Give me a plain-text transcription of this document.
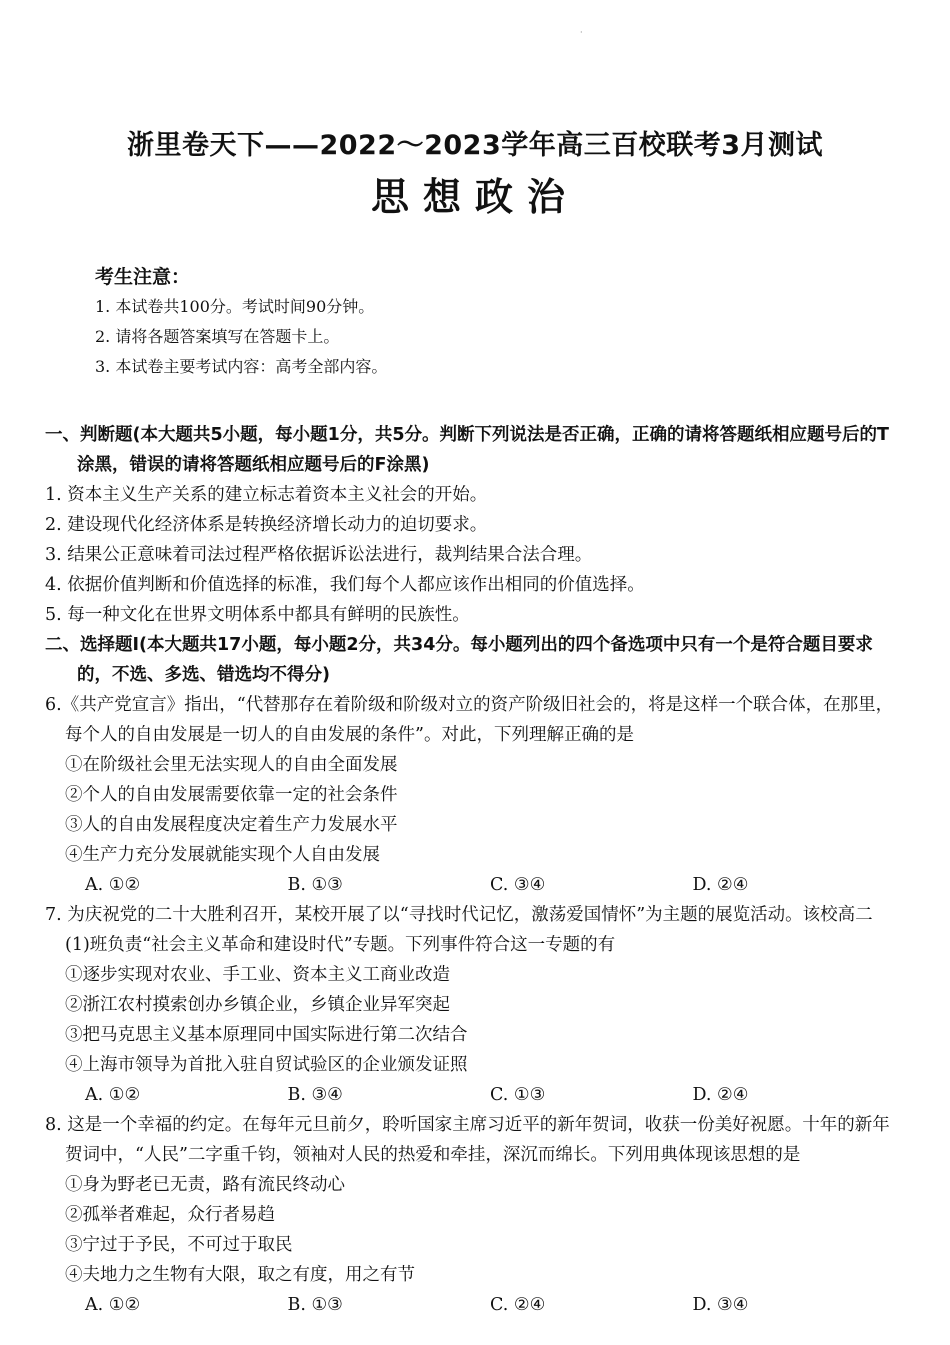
·
浙里卷天下——2022～2023学年高三百校联考3月测试
思想政治
考生注意：
1. 本试卷共100分。考试时间90分钟。
2. 请将各题答案填写在答题卡上。
3. 本试卷主要考试内容：高考全部内容。
一、判断题(本大题共5小题，每小题1分，共5分。判断下列说法是否正确，正确的请将答题纸相应题号后的T涂黑，错误的请将答题纸相应题号后的F涂黑)
1. 资本主义生产关系的建立标志着资本主义社会的开始。
2. 建设现代化经济体系是转换经济增长动力的迫切要求。
3. 结果公正意味着司法过程严格依据诉讼法进行，裁判结果合法合理。
4. 依据价值判断和价值选择的标准，我们每个人都应该作出相同的价值选择。
5. 每一种文化在世界文明体系中都具有鲜明的民族性。
二、选择题Ⅰ(本大题共17小题，每小题2分，共34分。每小题列出的四个备选项中只有一个是符合题目要求的，不选、多选、错选均不得分)
6.《共产党宣言》指出，“代替那存在着阶级和阶级对立的资产阶级旧社会的，将是这样一个联合体，在那里，每个人的自由发展是一切人的自由发展的条件”。对此，下列理解正确的是
①在阶级社会里无法实现人的自由全面发展
②个人的自由发展需要依靠一定的社会条件
③人的自由发展程度决定着生产力发展水平
④生产力充分发展就能实现个人自由发展
A. ①②	B. ①③	C. ③④	D. ②④
7. 为庆祝党的二十大胜利召开，某校开展了以“寻找时代记忆，激荡爱国情怀”为主题的展览活动。该校高二(1)班负责“社会主义革命和建设时代”专题。下列事件符合这一专题的有
①逐步实现对农业、手工业、资本主义工商业改造
②浙江农村摸索创办乡镇企业，乡镇企业异军突起
③把马克思主义基本原理同中国实际进行第二次结合
④上海市领导为首批入驻自贸试验区的企业颁发证照
A. ①②	B. ③④	C. ①③	D. ②④
8. 这是一个幸福的约定。在每年元旦前夕，聆听国家主席习近平的新年贺词，收获一份美好祝愿。十年的新年贺词中，“人民”二字重千钧，领袖对人民的热爱和牵挂，深沉而绵长。下列用典体现该思想的是
①身为野老已无责，路有流民终动心
②孤举者难起，众行者易趋
③宁过于予民，不可过于取民
④夫地力之生物有大限，取之有度，用之有节
A. ①②	B. ①③	C. ②④	D. ③④
